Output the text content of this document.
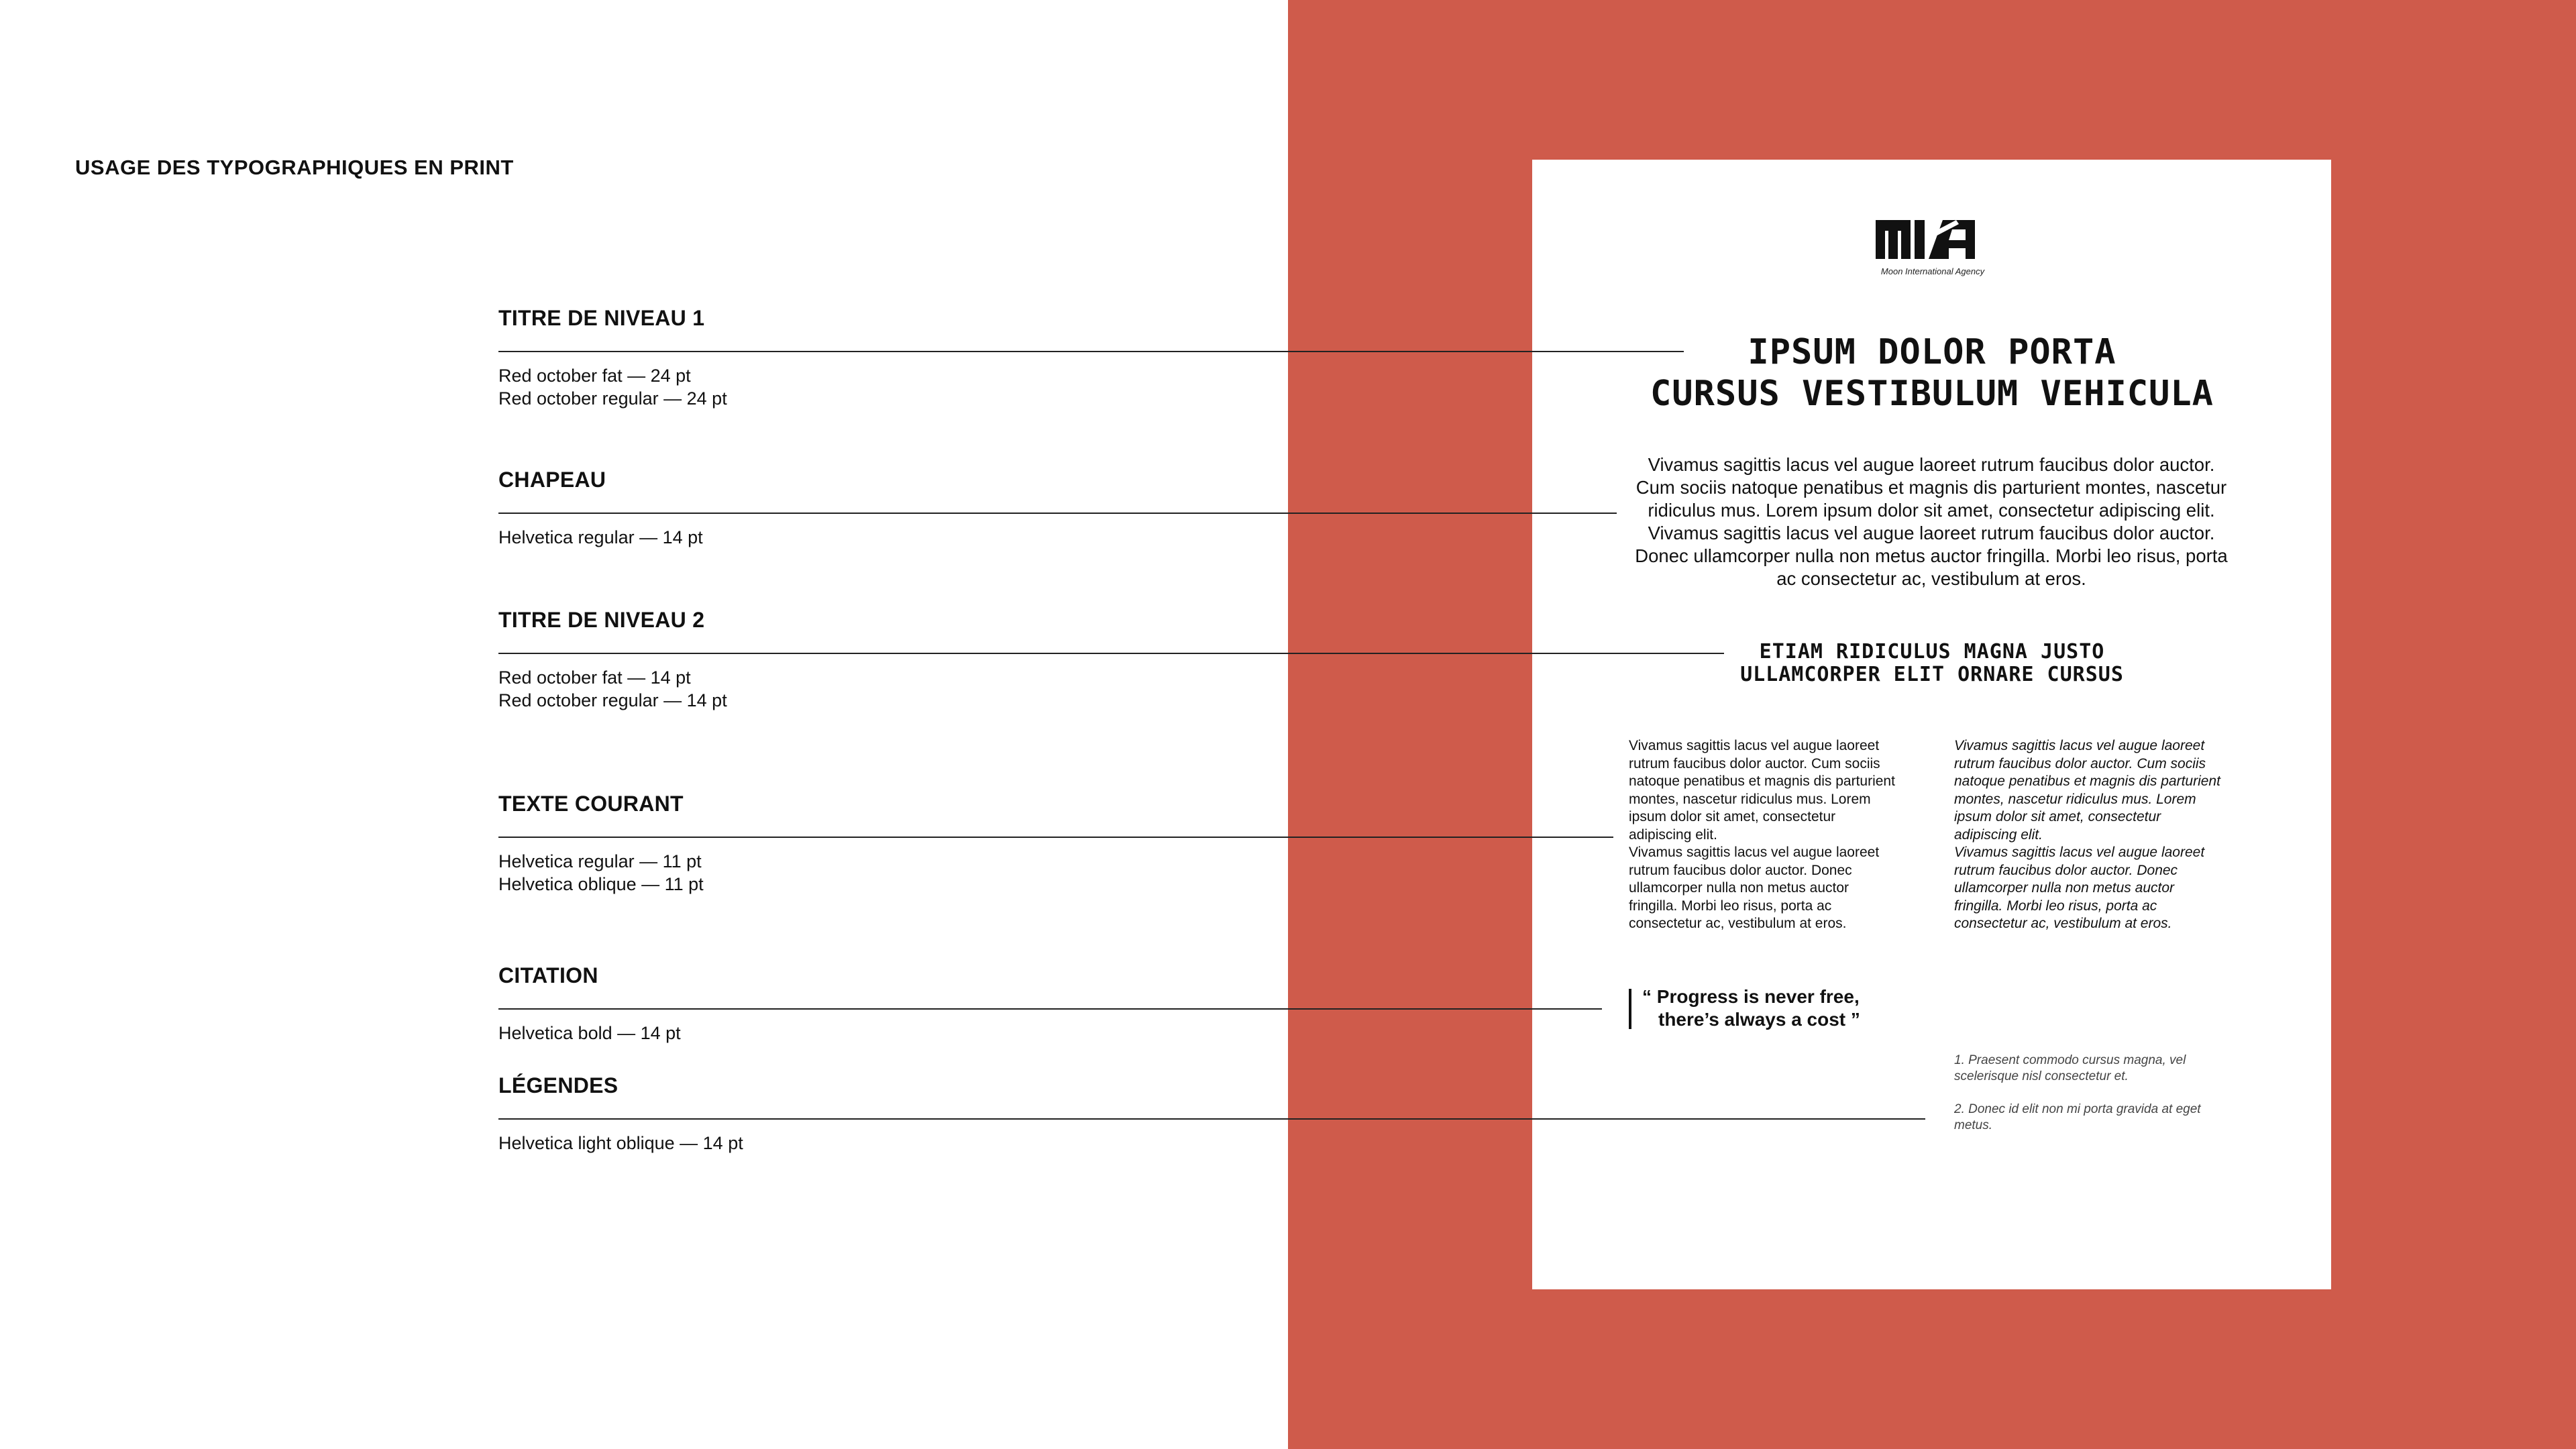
USAGE DES TYPOGRAPHIQUES EN PRINT
TITRE DE NIVEAU 1
Red october fat — 24 pt
Red october regular — 24 pt
CHAPEAU
Helvetica regular — 14 pt
TITRE DE NIVEAU 2
Red october fat — 14 pt
Red october regular — 14 pt
TEXTE COURANT
Helvetica regular — 11 pt
Helvetica oblique — 11 pt
CITATION
Helvetica bold — 14 pt
LÉGENDES
Helvetica light oblique — 14 pt
Moon International Agency
IPSUM DOLOR PORTA
CURSUS VESTIBULUM VEHICULA
Vivamus sagittis lacus vel augue laoreet rutrum faucibus dolor auctor.
Cum sociis natoque penatibus et magnis dis parturient montes, nascetur
ridiculus mus. Lorem ipsum dolor sit amet, consectetur adipiscing elit.
Vivamus sagittis lacus vel augue laoreet rutrum faucibus dolor auctor.
Donec ullamcorper nulla non metus auctor fringilla. Morbi leo risus, porta
ac consectetur ac, vestibulum at eros.
ETIAM RIDICULUS MAGNA JUSTO
ULLAMCORPER ELIT ORNARE CURSUS
Vivamus sagittis lacus vel augue laoreet
rutrum faucibus dolor auctor. Cum sociis
natoque penatibus et magnis dis parturient
montes, nascetur ridiculus mus. Lorem
ipsum dolor sit amet, consectetur
adipiscing elit.
Vivamus sagittis lacus vel augue laoreet
rutrum faucibus dolor auctor. Donec
ullamcorper nulla non metus auctor
fringilla. Morbi leo risus, porta ac
consectetur ac, vestibulum at eros.
Vivamus sagittis lacus vel augue laoreet
rutrum faucibus dolor auctor. Cum sociis
natoque penatibus et magnis dis parturient
montes, nascetur ridiculus mus. Lorem
ipsum dolor sit amet, consectetur
adipiscing elit.
Vivamus sagittis lacus vel augue laoreet
rutrum faucibus dolor auctor. Donec
ullamcorper nulla non metus auctor
fringilla. Morbi leo risus, porta ac
consectetur ac, vestibulum at eros.
“ Progress is never free,
there’s always a cost ”
1. Praesent commodo cursus magna, vel
scelerisque nisl consectetur et.
2. Donec id elit non mi porta gravida at eget
metus.
